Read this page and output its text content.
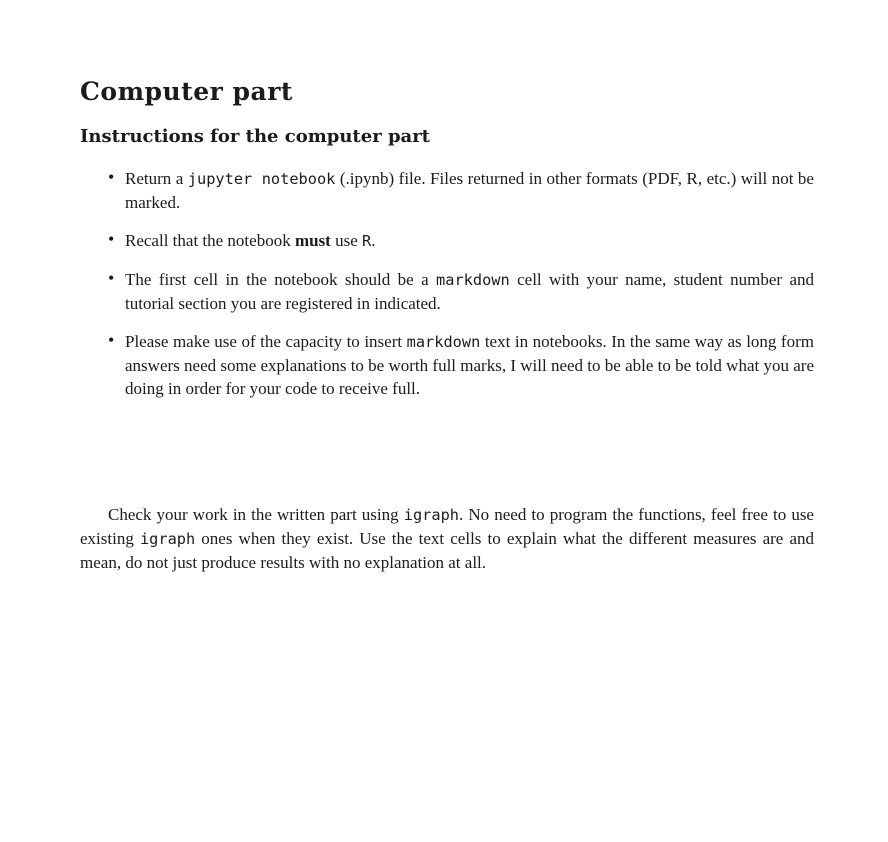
Computer part
Instructions for the computer part
• Return a jupyter notebook (.ipynb) file. Files returned in other formats (PDF, R, etc.) will not be marked.
• Recall that the notebook must use R.
• The first cell in the notebook should be a markdown cell with your name, student number and tutorial section you are registered in indicated.
• Please make use of the capacity to insert markdown text in notebooks. In the same way as long form answers need some explanations to be worth full marks, I will need to be able to be told what you are doing in order for your code to receive full.

Check your work in the written part using igraph. No need to program the functions, feel free to use existing igraph ones when they exist. Use the text cells to explain what the different measures are and mean, do not just produce results with no explanation at all.
